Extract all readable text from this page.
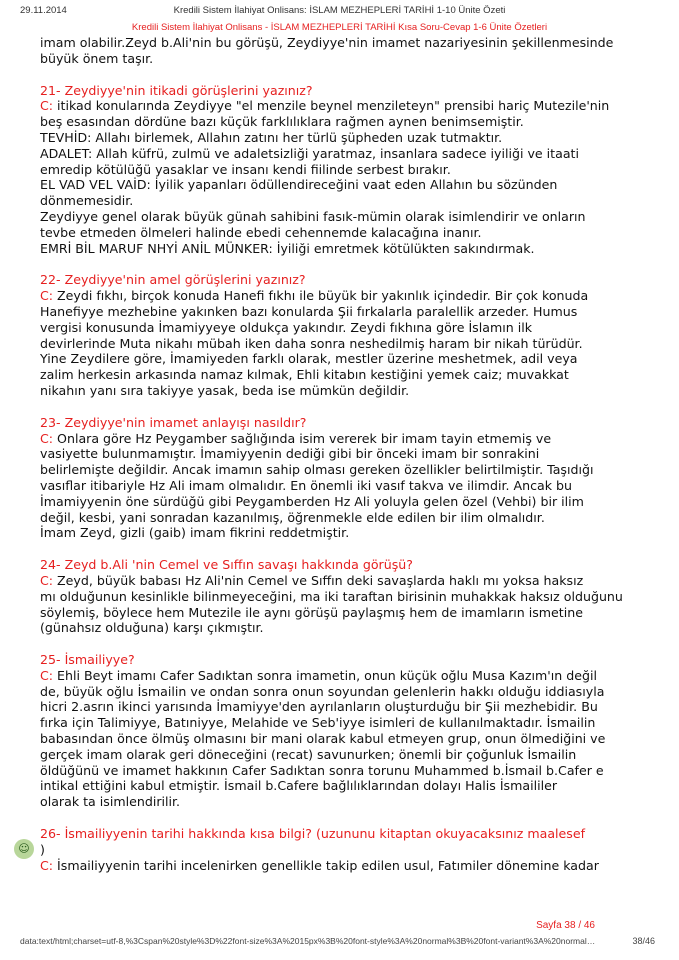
29.11.2014	Kredili Sistem İlahiyat Onlisans: İSLAM MEZHEPLERİ TARİHİ 1-10 Ünite Özeti
Kredili Sistem İlahiyat Onlisans - İSLAM MEZHEPLERİ TARİHİ Kısa Soru-Cevap 1-6 Ünite Özetleri

imam olabilir.Zeyd b.Ali'nin bu görüşü, Zeydiyye'nin imamet nazariyesinin şekillenmesinde

büyük önem taşır.

21- Zeydiyye'nin itikadi görüşlerini yazınız?

C: itikad konularında Zeydiyye "el menzile beynel menzileteyn" prensibi hariç Mutezile'nin

beş esasından dördüne bazı küçük farklılıklara rağmen aynen benimsemiştir.

TEVHİD: Allahı birlemek, Allahın zatını her türlü şüpheden uzak tutmaktır.

ADALET: Allah küfrü, zulmü ve adaletsizliği yaratmaz, insanlara sadece iyiliği ve itaati

emredip kötülüğü yasaklar ve insanı kendi fiilinde serbest bırakır.

EL VAD VEL VAİD: İyilik yapanları ödüllendireceğini vaat eden Allahın bu sözünden

dönmemesidir.

Zeydiyye genel olarak büyük günah sahibini fasık-mümin olarak isimlendirir ve onların

tevbe etmeden ölmeleri halinde ebedi cehennemde kalacağına inanır.

EMRİ BİL MARUF NHYİ ANİL MÜNKER: İyiliği emretmek kötülükten sakındırmak.

22- Zeydiyye'nin amel görüşlerini yazınız?

C: Zeydi fıkhı, birçok konuda Hanefi fıkhı ile büyük bir yakınlık içindedir. Bir çok konuda

Hanefiyye mezhebine yakınken bazı konularda Şii fırkalarla paralellik arzeder. Humus

vergisi konusunda İmamiyyeye oldukça yakındır. Zeydi fıkhına göre İslamın ilk

devirlerinde Muta nikahı mübah iken daha sonra neshedilmiş haram bir nikah türüdür.

Yine Zeydilere göre, İmamiyeden farklı olarak, mestler üzerine meshetmek, adil veya

zalim herkesin arkasında namaz kılmak, Ehli kitabın kestiğini yemek caiz; muvakkat

nikahın yanı sıra takiyye yasak, beda ise mümkün değildir.

23- Zeydiyye'nin imamet anlayışı nasıldır?

C: Onlara göre Hz Peygamber sağlığında isim vererek bir imam tayin etmemiş ve

vasiyette bulunmamıştır. İmamiyyenin dediği gibi bir önceki imam bir sonrakini

belirlemişte değildir. Ancak imamın sahip olması gereken özellikler belirtilmiştir. Taşıdığı

vasıflar itibariyle Hz Ali imam olmalıdır. En önemli iki vasıf takva ve ilimdir. Ancak bu

İmamiyyenin öne sürdüğü gibi Peygamberden Hz Ali yoluyla gelen özel (Vehbi) bir ilim

değil, kesbi, yani sonradan kazanılmış, öğrenmekle elde edilen bir ilim olmalıdır.

İmam Zeyd, gizli (gaib) imam fikrini reddetmiştir.

24- Zeyd b.Ali 'nin Cemel ve Sıffın savaşı hakkında görüşü?

C: Zeyd, büyük babası Hz Ali'nin Cemel ve Sıffın deki savaşlarda haklı mı yoksa haksız

mı olduğunun kesinlikle bilinmeyeceğini, ma iki taraftan birisinin muhakkak haksız olduğunu

söylemiş, böylece hem Mutezile ile aynı görüşü paylaşmış hem de imamların ismetine

(günahsız olduğuna) karşı çıkmıştır.

25- İsmailiyye?

C: Ehli Beyt imamı Cafer Sadıktan sonra imametin, onun küçük oğlu Musa Kazım'ın değil

de, büyük oğlu İsmailin ve ondan sonra onun soyundan gelenlerin hakkı olduğu iddiasıyla

hicri 2.asrın ikinci yarısında İmamiyye'den ayrılanların oluşturduğu bir Şii mezhebidir. Bu

fırka için Talimiyye, Batıniyye, Melahide ve Seb'iyye isimleri de kullanılmaktadır. İsmailin

babasından önce ölmüş olmasını bir mani olarak kabul etmeyen grup, onun ölmediğini ve

gerçek imam olarak geri döneceğini (recat) savunurken; önemli bir çoğunluk İsmailin

öldüğünü ve imamet hakkının Cafer Sadıktan sonra torunu Muhammed b.İsmail b.Cafer e

intikal ettiğini kabul etmiştir. İsmail b.Cafere bağlılıklarından dolayı Halis İsmaililer

olarak ta isimlendirilir.

26- İsmailiyyenin tarihi hakkında kısa bilgi? (uzununu kitaptan okuyacaksınız maalesef

☺ )

C: İsmailiyyenin tarihi incelenirken genellikle takip edilen usul, Fatımiler dönemine kadar

Sayfa 38 / 46
data:text/html;charset=utf-8,%3Cspan%20style%3D%22font-size%3A%2015px%3B%20font-style%3A%20normal%3B%20font-variant%3A%20normal…	38/46
